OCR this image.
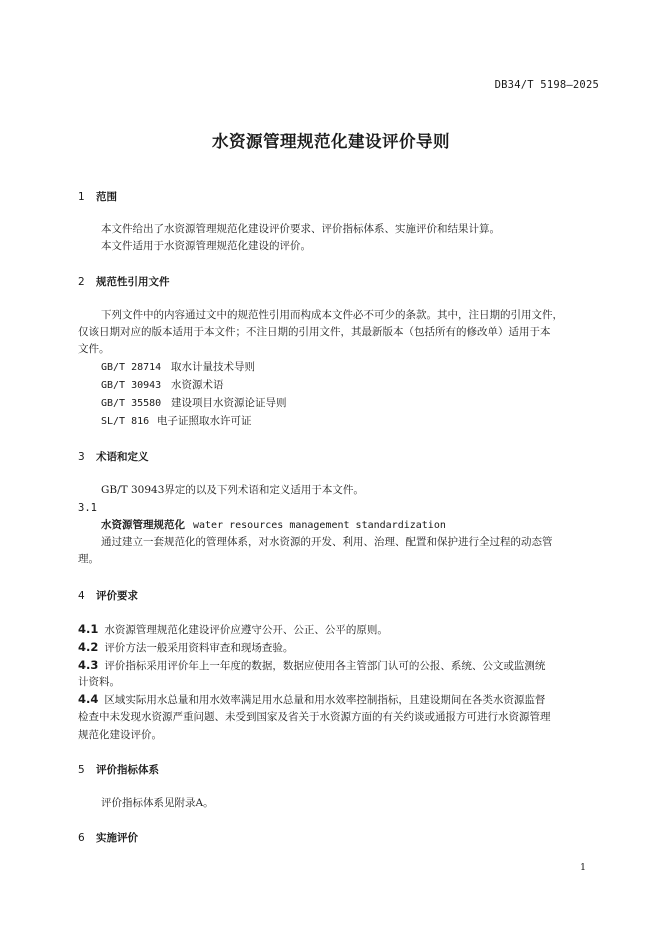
DB34/T 5198—2025
水资源管理规范化建设评价导则
1 范围
本文件给出了水资源管理规范化建设评价要求、评价指标体系、实施评价和结果计算。
本文件适用于水资源管理规范化建设的评价。
2 规范性引用文件
下列文件中的内容通过文中的规范性引用而构成本文件必不可少的条款。其中，注日期的引用文件，
仅该日期对应的版本适用于本文件；不注日期的引用文件，其最新版本（包括所有的修改单）适用于本
文件。
GB/T 28714 取水计量技术导则
GB/T 30943 水资源术语
GB/T 35580 建设项目水资源论证导则
SL/T 816 电子证照取水许可证
3 术语和定义
GB/T 30943界定的以及下列术语和定义适用于本文件。
3.1
水资源管理规范化 water resources management standardization
通过建立一套规范化的管理体系，对水资源的开发、利用、治理、配置和保护进行全过程的动态管
理。
4 评价要求
4.1 水资源管理规范化建设评价应遵守公开、公正、公平的原则。
4.2 评价方法一般采用资料审查和现场查验。
4.3 评价指标采用评价年上一年度的数据，数据应使用各主管部门认可的公报、系统、公文或监测统
计资料。
4.4 区域实际用水总量和用水效率满足用水总量和用水效率控制指标，且建设期间在各类水资源监督
检查中未发现水资源严重问题、未受到国家及省关于水资源方面的有关约谈或通报方可进行水资源管理
规范化建设评价。
5 评价指标体系
评价指标体系见附录A。
6 实施评价
1
